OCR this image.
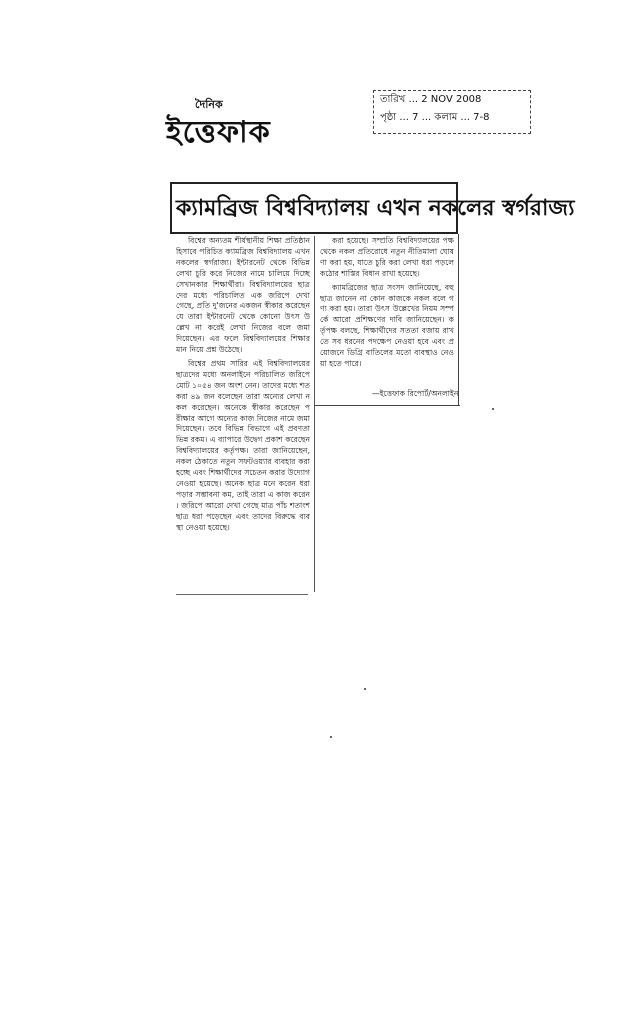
দৈনিক
ইত্তেফাক
তারিখ ... 2 NOV 2008
পৃষ্ঠা ... 7 ... কলাম ... 7-8
ক্যামব্রিজ বিশ্ববিদ্যালয় এখন নকলের স্বর্গরাজ্য

বিশ্বের অন্যতম শীর্ষস্থানীয় শিক্ষা প্রতিষ্ঠান হিসাবে পরিচিত ক্যামব্রিজ বিশ্ববিদ্যালয় এখন নকলের স্বর্গরাজ্য। ইন্টারনেট থেকে বিভিন্ন লেখা চুরি করে নিজের নামে চালিয়ে দিচ্ছে সেখানকার শিক্ষার্থীরা। বিশ্ববিদ্যালয়ের ছাত্রদের মধ্যে পরিচালিত এক জরিপে দেখা গেছে, প্রতি দু'জনের একজন স্বীকার করেছেন যে তারা ইন্টারনেট থেকে কোনো উৎস উল্লেখ না করেই লেখা নিজের বলে জমা দিয়েছেন। এর ফলে বিশ্ববিদ্যালয়ের শিক্ষার মান নিয়ে প্রশ্ন উঠেছে।

বিশ্বের প্রথম সারির এই বিশ্ববিদ্যালয়ের ছাত্রদের মধ্যে অনলাইনে পরিচালিত জরিপে মোট ১০৫৪ জন অংশ নেন। তাদের মধ্যে শতকরা ৪৯ জন বলেছেন তারা অন্যের লেখা নকল করেছেন। অনেকে স্বীকার করেছেন পরীক্ষার আগে অন্যের কাজ নিজের নামে জমা দিয়েছেন। তবে বিভিন্ন বিভাগে এই প্রবণতা ভিন্ন রকম। এ ব্যাপারে উদ্বেগ প্রকাশ করেছেন বিশ্ববিদ্যালয়ের কর্তৃপক্ষ। তারা জানিয়েছেন, নকল ঠেকাতে নতুন সফটওয়্যার ব্যবহার করা হচ্ছে এবং শিক্ষার্থীদের সচেতন করার উদ্যোগ নেওয়া হয়েছে। অনেক ছাত্র মনে করেন ধরা পড়ার সম্ভাবনা কম, তাই তারা এ কাজ করেন। জরিপে আরো দেখা গেছে মাত্র পাঁচ শতাংশ ছাত্র ধরা পড়েছেন এবং তাদের বিরুদ্ধে ব্যবস্থা নেওয়া হয়েছে।

করা হয়েছে। সম্প্রতি বিশ্ববিদ্যালয়ের পক্ষ থেকে নকল প্রতিরোধে নতুন নীতিমালা ঘোষণা করা হয়, যাতে চুরি করা লেখা ধরা পড়লে কঠোর শাস্তির বিধান রাখা হয়েছে।

ক্যামব্রিজের ছাত্র সংসদ জানিয়েছে, বহু ছাত্র জানেন না কোন কাজকে নকল বলে গণ্য করা হয়। তারা উৎস উল্লেখের নিয়ম সম্পর্কে আরো প্রশিক্ষণের দাবি জানিয়েছেন। কর্তৃপক্ষ বলছে, শিক্ষার্থীদের সততা বজায় রাখতে সব ধরনের পদক্ষেপ নেওয়া হবে এবং প্রয়োজনে ডিগ্রি বাতিলের মতো ব্যবস্থাও নেওয়া হতে পারে।

—ইত্তেফাক রিপোর্ট/অনলাইন
